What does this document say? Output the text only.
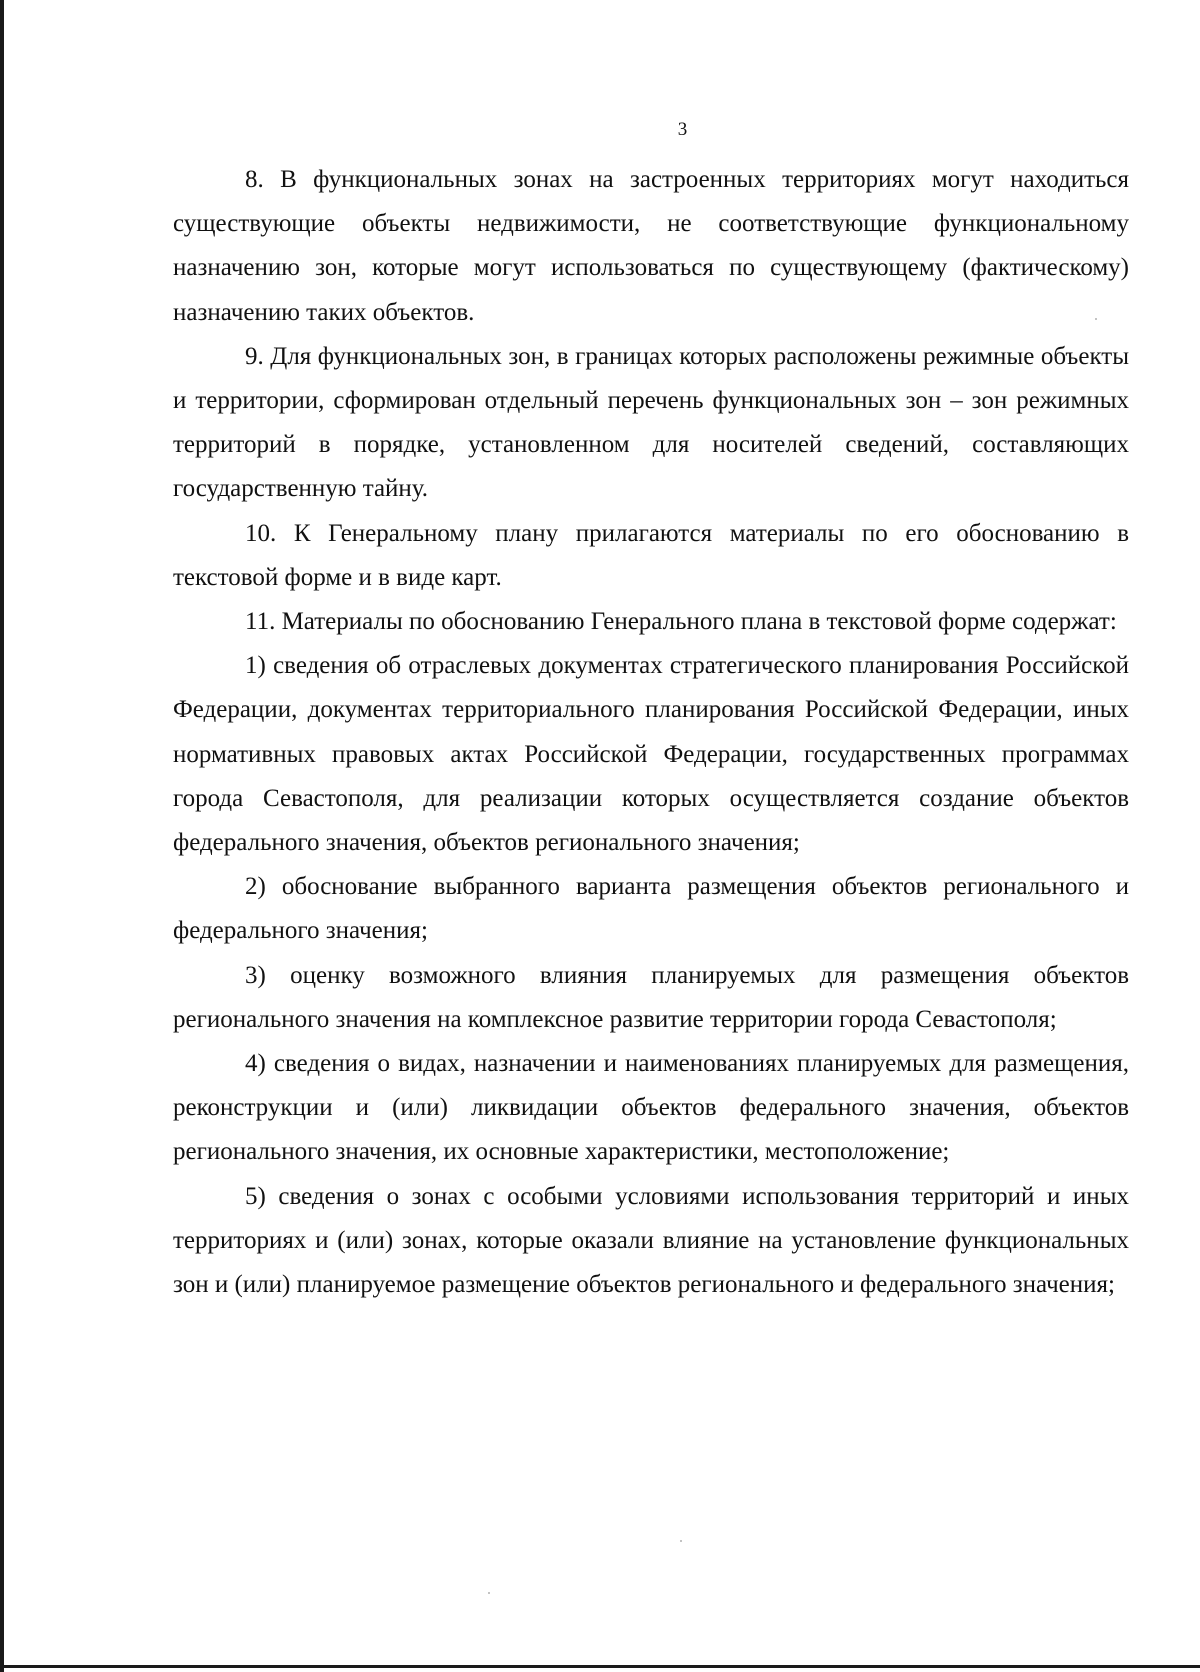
3

8. В функциональных зонах на застроенных территориях могут находиться существующие объекты недвижимости, не соответствующие функциональному назначению зон, которые могут использоваться по существующему (фактическому) назначению таких объектов.

9. Для функциональных зон, в границах которых расположены режимные объекты и территории, сформирован отдельный перечень функциональных зон – зон режимных территорий в порядке, установленном для носителей сведений, составляющих государственную тайну.

10. К Генеральному плану прилагаются материалы по его обоснованию в текстовой форме и в виде карт.

11. Материалы по обоснованию Генерального плана в текстовой форме содержат:

1) сведения об отраслевых документах стратегического планирования Российской Федерации, документах территориального планирования Российской Федерации, иных нормативных правовых актах Российской Федерации, государственных программах города Севастополя, для реализации которых осуществляется создание объектов федерального значения, объектов регионального значения;

2) обоснование выбранного варианта размещения объектов регионального и федерального значения;

3) оценку возможного влияния планируемых для размещения объектов регионального значения на комплексное развитие территории города Севастополя;

4) сведения о видах, назначении и наименованиях планируемых для размещения, реконструкции и (или) ликвидации объектов федерального значения, объектов регионального значения, их основные характеристики, местоположение;

5) сведения о зонах с особыми условиями использования территорий и иных территориях и (или) зонах, которые оказали влияние на установление функциональных зон и (или) планируемое размещение объектов регионального и федерального значения;
